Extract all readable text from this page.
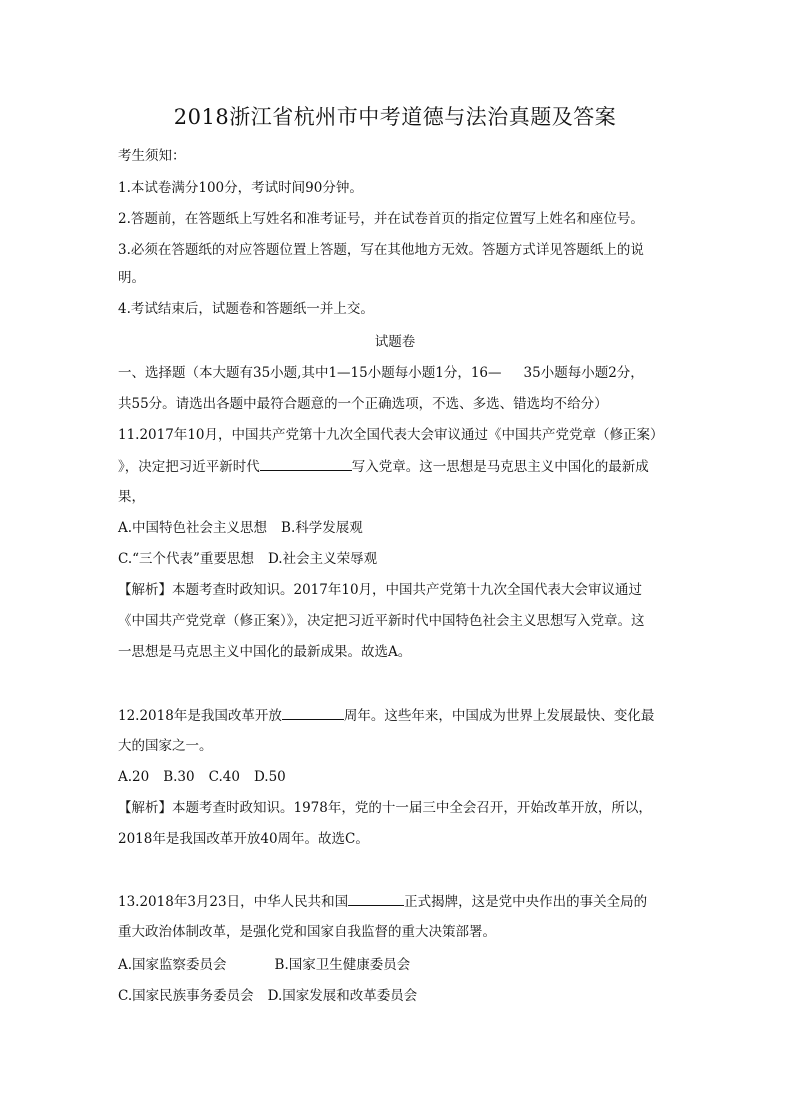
2018浙江省杭州市中考道德与法治真题及答案
考生须知：
1.本试卷满分100分，考试时间90分钟。
2.答题前，在答题纸上写姓名和准考证号，并在试卷首页的指定位置写上姓名和座位号。
3.必须在答题纸的对应答题位置上答题，写在其他地方无效。答题方式详见答题纸上的说
明。
4.考试结束后，试题卷和答题纸一并上交。
试题卷
一、选择题（本大题有35小题,其中1—15小题每小题1分，16— 35小题每小题2分，
共55分。请选出各题中最符合题意的一个正确选项，不选、多选、错选均不给分）
11.2017年10月，中国共产党第十九次全国代表大会审议通过《中国共产党党章（修正案）
》，决定把习近平新时代	写入党章。这一思想是马克思主义中国化的最新成
果，
A.中国特色社会主义思想 B.科学发展观
C.“三个代表”重要思想 D.社会主义荣辱观
【解析】本题考查时政知识。2017年10月，中国共产党第十九次全国代表大会审议通过
《中国共产党党章（修正案）》，决定把习近平新时代中国特色社会主义思想写入党章。这
一思想是马克思主义中国化的最新成果。故选A。
12.2018年是我国改革开放	周年。这些年来，中国成为世界上发展最快、变化最
大的国家之一。
A.20 B.30 C.40 D.50
【解析】本题考查时政知识。1978年，党的十一届三中全会召开，开始改革开放，所以，
2018年是我国改革开放40周年。故选C。
13.2018年3月23日，中华人民共和国	正式揭牌，这是党中央作出的事关全局的
重大政治体制改革，是强化党和国家自我监督的重大决策部署。
A.国家监察委员会	B.国家卫生健康委员会
C.国家民族事务委员会 D.国家发展和改革委员会
